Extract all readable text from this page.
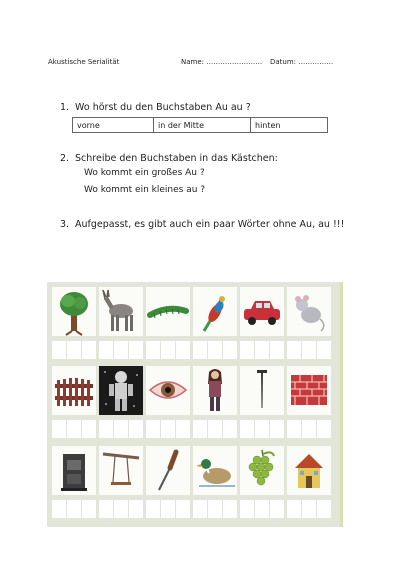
Akustische Serialität	Name: …………………… Datum: ……………
1. Wo hörst du den Buchstaben Au au ?
vorne	in der Mitte	hinten
2. Schreibe den Buchstaben in das Kästchen:
Wo kommt ein großes Au ?
Wo kommt ein kleines au ?
3. Aufgepasst, es gibt auch ein paar Wörter ohne Au, au !!!
